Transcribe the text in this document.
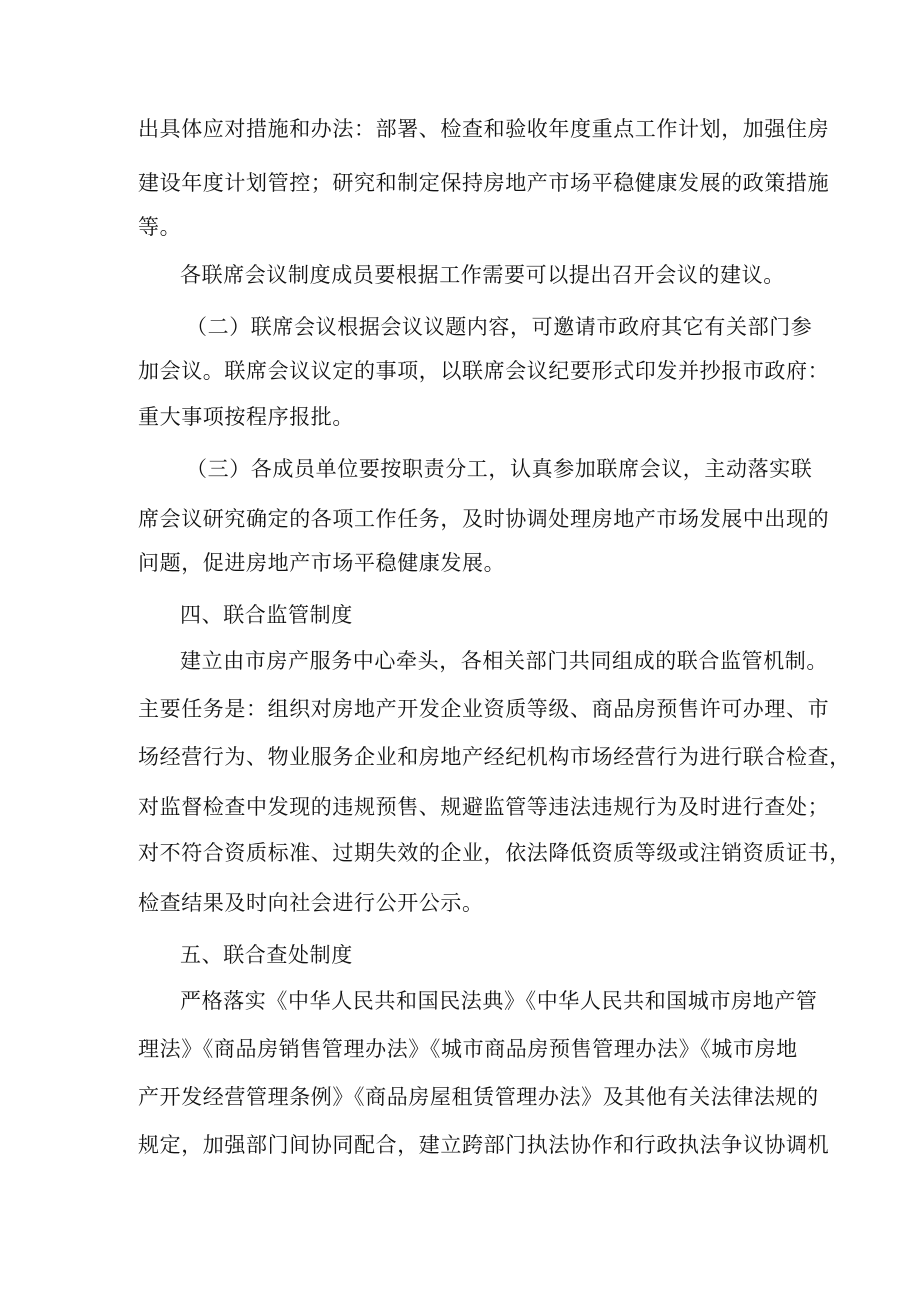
出具体应对措施和办法：部署、检查和验收年度重点工作计划，加强住房
建设年度计划管控；研究和制定保持房地产市场平稳健康发展的政策措施
等。
各联席会议制度成员要根据工作需要可以提出召开会议的建议。
（二）联席会议根据会议议题内容，可邀请市政府其它有关部门参
加会议。联席会议议定的事项，以联席会议纪要形式印发并抄报市政府：
重大事项按程序报批。
（三）各成员单位要按职责分工，认真参加联席会议，主动落实联
席会议研究确定的各项工作任务，及时协调处理房地产市场发展中出现的
问题，促进房地产市场平稳健康发展。
四、联合监管制度
建立由市房产服务中心牵头，各相关部门共同组成的联合监管机制。
主要任务是：组织对房地产开发企业资质等级、商品房预售许可办理、市
场经营行为、物业服务企业和房地产经纪机构市场经营行为进行联合检查，
对监督检查中发现的违规预售、规避监管等违法违规行为及时进行查处；
对不符合资质标准、过期失效的企业，依法降低资质等级或注销资质证书，
检查结果及时向社会进行公开公示。
五、联合查处制度
严格落实《中华人民共和国民法典》《中华人民共和国城市房地产管
理法》《商品房销售管理办法》《城市商品房预售管理办法》《城市房地
产开发经营管理条例》《商品房屋租赁管理办法》及其他有关法律法规的
规定，加强部门间协同配合，建立跨部门执法协作和行政执法争议协调机
